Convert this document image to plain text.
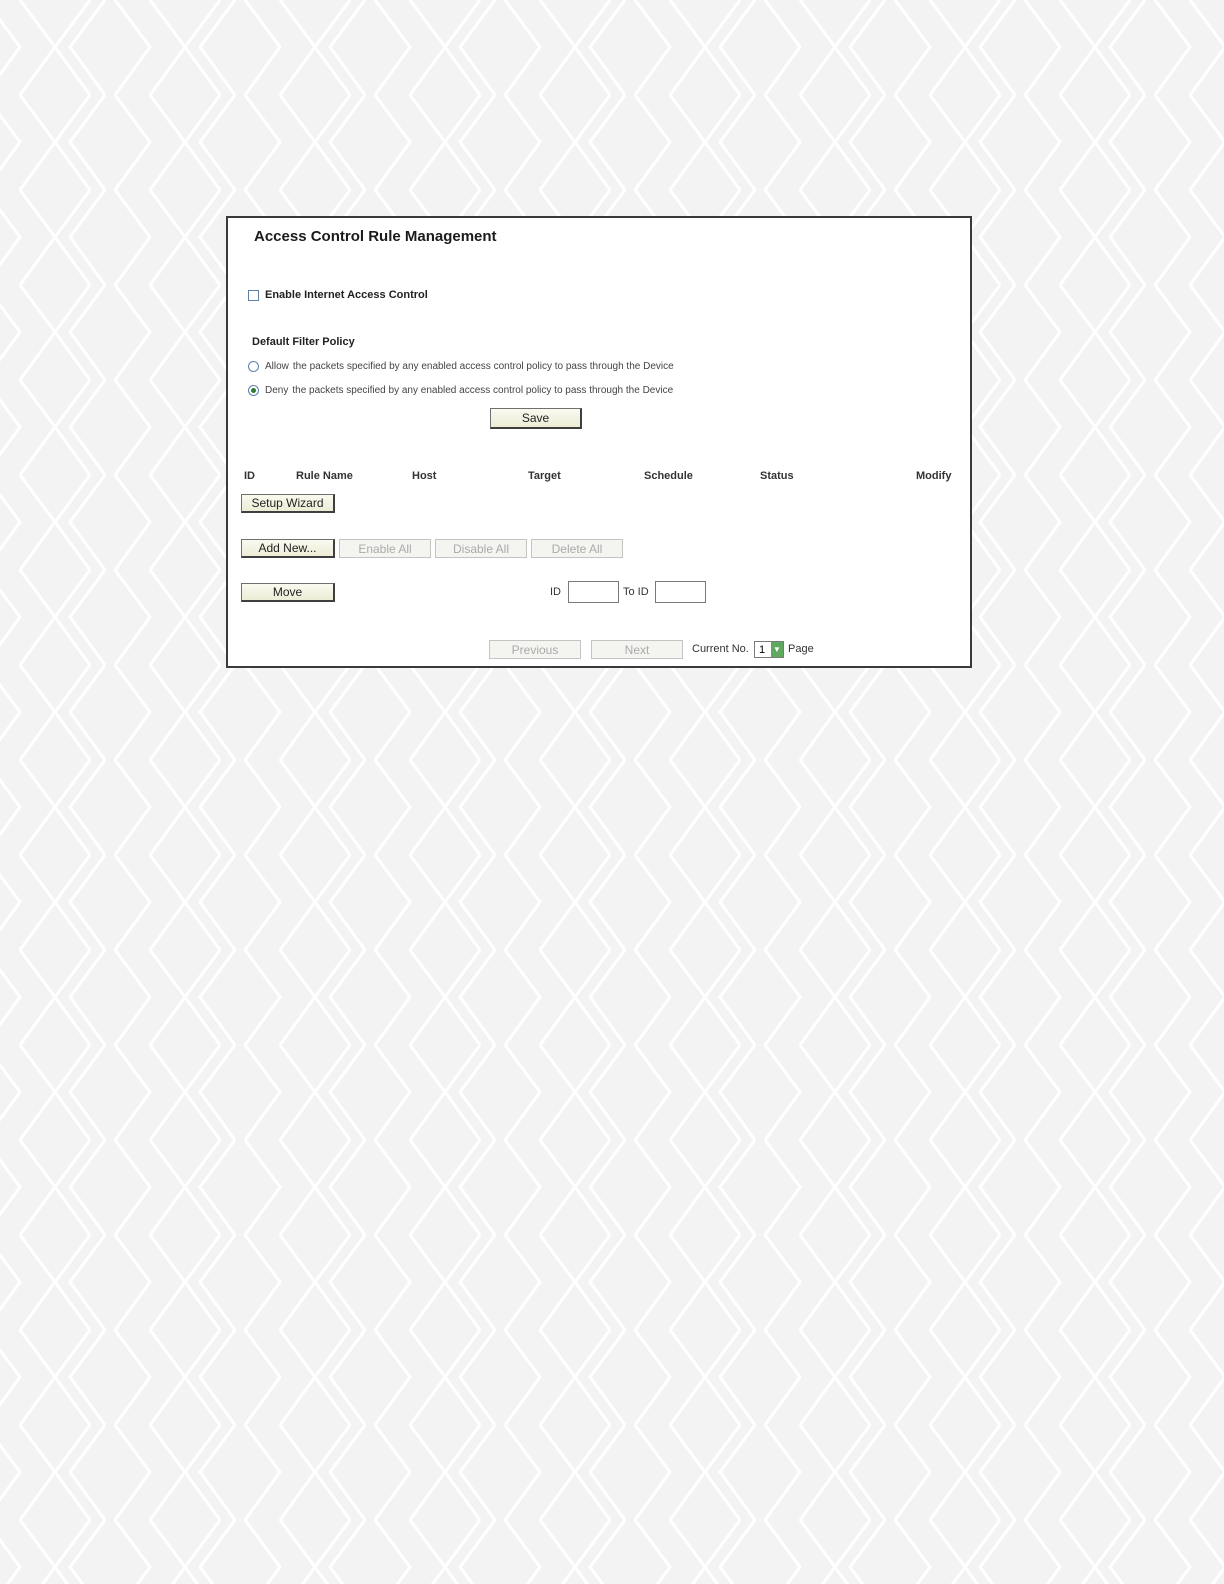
Access Control Rule Management
Enable Internet Access Control
Default Filter Policy
Allow the packets specified by any enabled access control policy to pass through the Device
Deny the packets specified by any enabled access control policy to pass through the Device
Save
ID	Rule Name	Host	Target	Schedule	Status	Modify
Setup Wizard
Add New...	Enable All	Disable All	Delete All
Move	ID	To ID
Previous	Next	Current No. 1 ▼ Page
